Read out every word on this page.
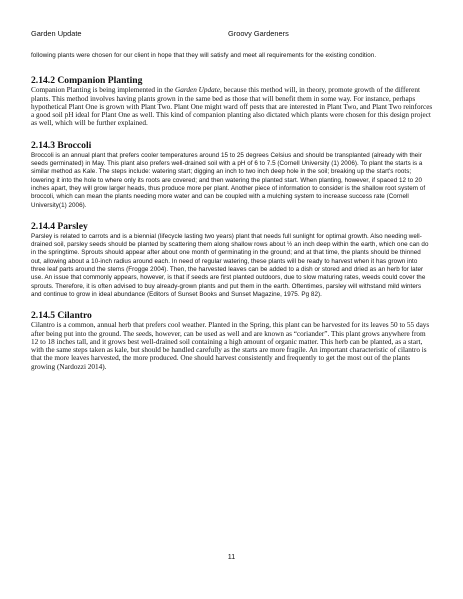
Garden Update	Groovy Gardeners

following plants were chosen for our client in hope that they will satisfy and meet all requirements for the existing condition.

2.14.2 Companion Planting

Companion Planting is being implemented in the Garden Update, because this method will, in theory, promote growth of the different plants. This method involves having plants grown in the same bed as those that will benefit them in some way. For instance, perhaps hypothetical Plant One is grown with Plant Two. Plant One might ward off pests that are interested in Plant Two, and Plant Two reinforces a good soil pH ideal for Plant One as well. This kind of companion planting also dictated which plants were chosen for this design project as well, which will be further explained.

2.14.3 Broccoli

Broccoli is an annual plant that prefers cooler temperatures around 15 to 25 degrees Celsius and should be transplanted (already with their seeds germinated) in May. This plant also prefers well-drained soil with a pH of 6 to 7.5 (Cornell University (1) 2006). To plant the starts is a similar method as Kale. The steps include: watering start; digging an inch to two inch deep hole in the soil; breaking up the start's roots; lowering it into the hole to where only its roots are covered; and then watering the planted start. When planting, however, if spaced 12 to 20 inches apart, they will grow larger heads, thus produce more per plant. Another piece of information to consider is the shallow root system of broccoli, which can mean the plants needing more water and can be coupled with a mulching system to increase success rate (Cornell University(1) 2006).

2.14.4 Parsley

Parsley is related to carrots and is a biennial (lifecycle lasting two years) plant that needs full sunlight for optimal growth. Also needing well-drained soil, parsley seeds should be planted by scattering them along shallow rows about ½ an inch deep within the earth, which one can do in the springtime. Sprouts should appear after about one month of germinating in the ground; and at that time, the plants should be thinned out, allowing about a 10-inch radius around each. In need of regular watering, these plants will be ready to harvest when it has grown into three leaf parts around the stems (Frogge 2004). Then, the harvested leaves can be added to a dish or stored and dried as an herb for later use. An issue that commonly appears, however, is that if seeds are first planted outdoors, due to slow maturing rates, weeds could cover the sprouts. Therefore, it is often advised to buy already-grown plants and put them in the earth. Oftentimes, parsley will withstand mild winters and continue to grow in ideal abundance (Editors of Sunset Books and Sunset Magazine, 1975. Pg 82).

2.14.5 Cilantro

Cilantro is a common, annual herb that prefers cool weather. Planted in the Spring, this plant can be harvested for its leaves 50 to 55 days after being put into the ground. The seeds, however, can be used as well and are known as “coriander”. This plant grows anywhere from 12 to 18 inches tall, and it grows best well-drained soil containing a high amount of organic matter. This herb can be planted, as a start, with the same steps taken as kale, but should be handled carefully as the starts are more fragile. An important characteristic of cilantro is that the more leaves harvested, the more produced. One should harvest consistently and frequently to get the most out of the plants growing (Nardozzi 2014).

11
